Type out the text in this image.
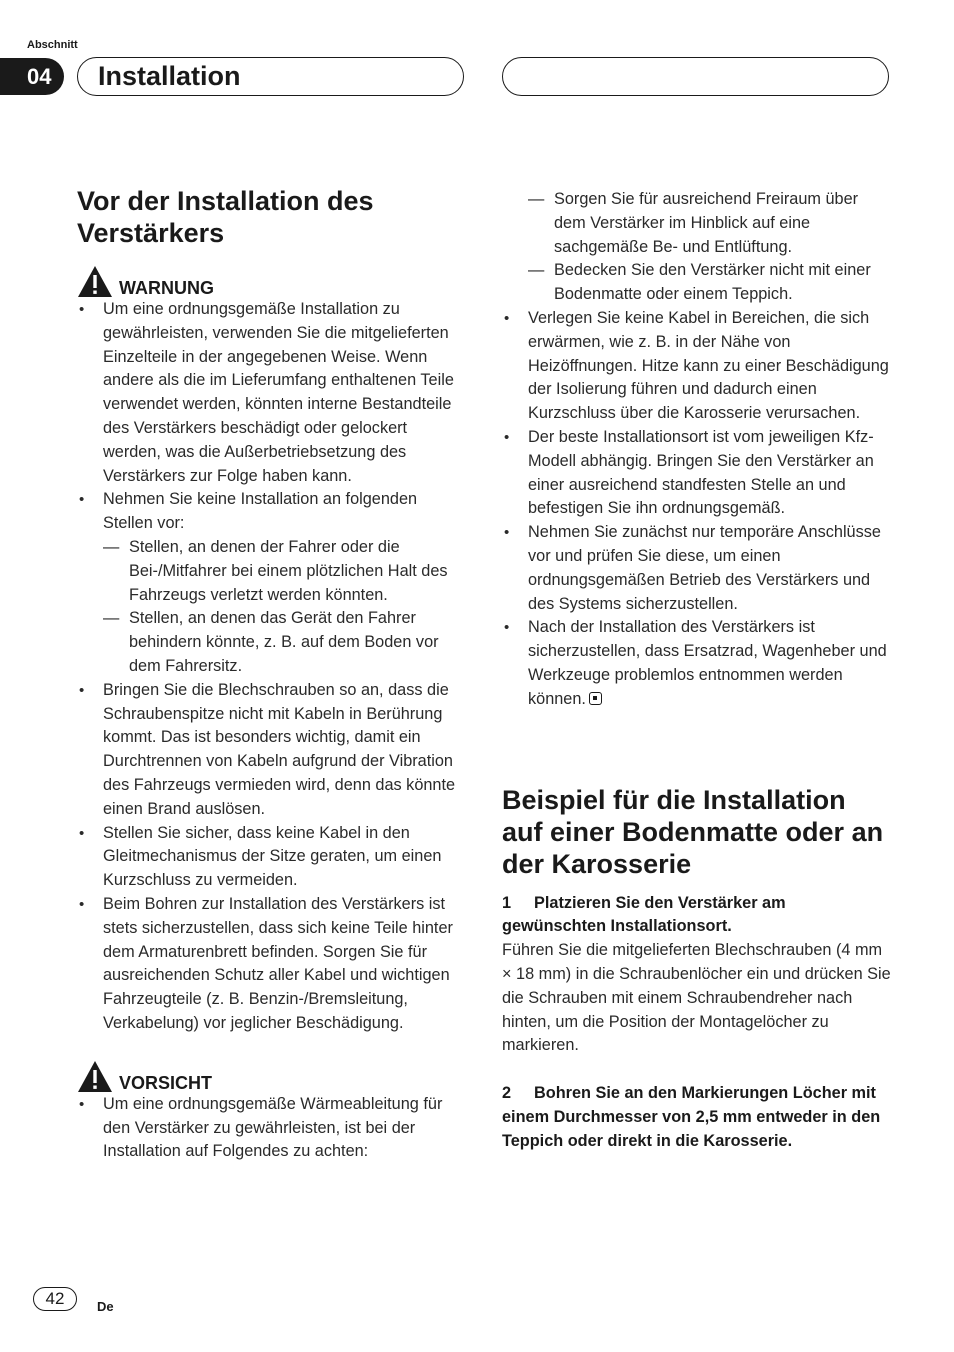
Abschnitt
04	Installation
Vor der Installation des Verstärkers
WARNUNG
• Um eine ordnungsgemäße Installation zu gewährleisten, verwenden Sie die mitgelieferten Einzelteile in der angegebenen Weise. Wenn andere als die im Lieferumfang enthaltenen Teile verwendet werden, könnten interne Bestandteile des Verstärkers beschädigt oder gelockert werden, was die Außerbetriebsetzung des Verstärkers zur Folge haben kann.
• Nehmen Sie keine Installation an folgenden Stellen vor:
— Stellen, an denen der Fahrer oder die Bei-/Mitfahrer bei einem plötzlichen Halt des Fahrzeugs verletzt werden könnten.
— Stellen, an denen das Gerät den Fahrer behindern könnte, z. B. auf dem Boden vor dem Fahrersitz.
• Bringen Sie die Blechschrauben so an, dass die Schraubenspitze nicht mit Kabeln in Berührung kommt. Das ist besonders wichtig, damit ein Durchtrennen von Kabeln aufgrund der Vibration des Fahrzeugs vermieden wird, denn das könnte einen Brand auslösen.
• Stellen Sie sicher, dass keine Kabel in den Gleitmechanismus der Sitze geraten, um einen Kurzschluss zu vermeiden.
• Beim Bohren zur Installation des Verstärkers ist stets sicherzustellen, dass sich keine Teile hinter dem Armaturenbrett befinden. Sorgen Sie für ausreichenden Schutz aller Kabel und wichtigen Fahrzeugteile (z. B. Benzin-/Bremsleitung, Verkabelung) vor jeglicher Beschädigung.
VORSICHT
• Um eine ordnungsgemäße Wärmeableitung für den Verstärker zu gewährleisten, ist bei der Installation auf Folgendes zu achten:
— Sorgen Sie für ausreichend Freiraum über dem Verstärker im Hinblick auf eine sachgemäße Be- und Entlüftung.
— Bedecken Sie den Verstärker nicht mit einer Bodenmatte oder einem Teppich.
• Verlegen Sie keine Kabel in Bereichen, die sich erwärmen, wie z. B. in der Nähe von Heizöffnungen. Hitze kann zu einer Beschädigung der Isolierung führen und dadurch einen Kurzschluss über die Karosserie verursachen.
• Der beste Installationsort ist vom jeweiligen Kfz-Modell abhängig. Bringen Sie den Verstärker an einer ausreichend standfesten Stelle an und befestigen Sie ihn ordnungsgemäß.
• Nehmen Sie zunächst nur temporäre Anschlüsse vor und prüfen Sie diese, um einen ordnungsgemäßen Betrieb des Verstärkers und des Systems sicherzustellen.
• Nach der Installation des Verstärkers ist sicherzustellen, dass Ersatzrad, Wagenheber und Werkzeuge problemlos entnommen werden können.
Beispiel für die Installation auf einer Bodenmatte oder an der Karosserie
1 Platzieren Sie den Verstärker am gewünschten Installationsort.
Führen Sie die mitgelieferten Blechschrauben (4 mm × 18 mm) in die Schraubenlöcher ein und drücken Sie die Schrauben mit einem Schraubendreher nach hinten, um die Position der Montagelöcher zu markieren.
2 Bohren Sie an den Markierungen Löcher mit einem Durchmesser von 2,5 mm entweder in den Teppich oder direkt in die Karosserie.
42	De
